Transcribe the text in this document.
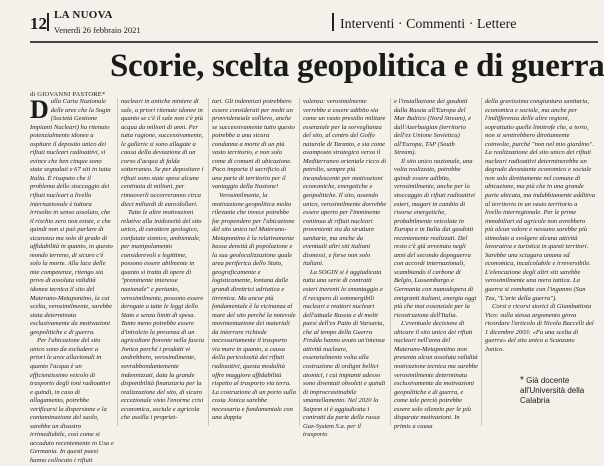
12 LA NUOVA
Venerdì 26 febbraio 2021	Interventi · Commenti · Lettere
Scorie, scelta geopolitica e di guerra
di GIOVANNI PASTORE*
D alla Carta Nazionale delle aree che la Sogin (Società Gestione Impianti Nucleari) ha ritenuto potenzialmente idonee a ospitare il deposito unico dei rifiuti nucleari radioattivi, si evince che ben cinque sono state segnalati e 67 siti in tutta Italia. È risaputo che il problema dello stoccaggio dei rifiuti nucleari a livello internazionale è tuttora irrisolto in senso assoluto, che il rischio zero non esiste, e che quindi non si può parlare di sicurezza ma solo di grado di affidabilità in quanto, in questo mondo terreno, di sicuro c'è solo la morte. Alla luce delle mie competenze, ritengo sia privo di assoluta validità idonea tecnica il sito del Materano-Metapontino, la cui scelta, verosimilmente, sarebbe stata determinata esclusivamente da motivazioni geopolitiche e di guerra.
Per l'ubicazione del sito unico sono da escludere a priori le aree alluvionali in quanto l'acqua è un efficientissimo veicolo di trasporto degli ioni radioattivi e quindi, in caso di allagamento, potrebbe verificarsi la dispersione e la contaminazione del suolo, sarebbe un disastro irrimediabile, così come si accaduto recentemente in Usa e Germania. In questi paesi hanno collocato i rifiuti
nucleari in antiche miniere di sale, a priori ritenute idonee in quanto se c'è il sale non c'è più acqua da milioni di anni. Per tutta ragione, successivamente, le gallerie si sono allagate a causa della deviazione di un corso d'acqua di falda sotterraneo. Se per depositare i rifiuti sono state spese alcune centinaia di milioni, per rimuoverli occorreranno circa dieci miliardi di euro/dollari.
Tutte le altre motivazioni relative alla inidoneità del sito unico, di carattere geologico, confutate sismico, ambientale, per manipolamento considerevoli e legittime, possono essere abilmente in quanto si tratta di opere di "preminente interesse nazionale" e pertanto, verosimilmente, possono essere derogate a tutte le leggi dello Stato e senza limiti di spesa. Tanto meno potrebbe essere d'intralcio la presenza di un agricoltore fiorente nella fascia Jonica perché i prodotti vi andrebbero, verosimilmente, sovrabbondantemente indennizzati, data la grande disponibilità finanziaria per la realizzazione del sito, di sicuro eccezionale visto l'enorme crisi economica, sociale e agricola che assilla i propriet-
tari. Gli indennizzi potrebbero essere considerati per molti un provvidenziale sollievo, anche se successivamente tutto questo potrebbe a una sicura condanna a morte di un più vasto territorio, e non solo come di comuni di ubicazione. Poco importa il sacrificio di una parte di territorio per il vantaggio della Nazione!
Verosimilmente, la motivazione geopolitica molto rilevante che invece potrebbe far propendere per l'ubicazione del sito unico nel Materano-Metapontino è la relativamente bassa densità di popolazione e la sua geolocalizzazione quale area periferica dello Stato, geograficamente e logisticamente, lontana dalle grandi direttrici adriatica e tirrenica. Ma ancor più fondamentale è la vicinanza al mare del sito perché la notevole movimentazione dei materiali da interrare richiede necessariamente il trasporto via mare in quanto, a causa della pericolosità dei rifiuti radioattivi, questa modalità offre maggiore affidabilità rispetto al trasporto via terra. La costruzione di un porto sulla costa Jonica sarebbe necessaria e fondamentale con una doppia
valenza: verosimilmente verrebbe a essere adibito sia come un vasto presidio militare essenziale per la sorveglianza del sito, al centro del Golfo naturale di Taranto, e sia come avamposto strategico verso il Mediterraneo orientale ricco di petrolio, sempre più incandescente per motivazioni economiche, energetiche e geopolitiche. Il sito, assendo unico, verosimilmente dovrebbe essere aperto per l'imminente continua di rifiuti nucleari provenienti sia da strutture sanitarie, ma anche da eventuali altri siti italiani dismessi, e forse non solo italiani.
La SOGIN si è aggiudicata tutta una serie di contratti esteri inerenti lo smontaggio e il recupero di sommergibili nucleari e reattori nucleari dell'attuale Russia e di molti paesi dell'ex Patto di Varsavia, che al tempo della Guerra Fredda hanno avuto un'intensa attività nucleare, essenzialmente volta alla costruzione di ordigni bellici atomici, i cui impianti adesso sono diventati obsoleti e quindi di improcrastinabile smantellamento. Nel 2020 la Saipem si è aggiudicata i contratti da parte della russa Gaz-System S.a. per il trasporto
e l'installazione dei gasdotti dalla Russia all'Europa del Mar Baltico (Nord Stream), e dall'Azerbaigian (territorio dell'ex Unione Sovietica) all'Europa, TAP (South Stream).
Il sito unico nazionale, una volta realizzato, potrebbe quindi essere adibito, verosimilmente, anche per lo stoccaggio di rifiuti radioattivi esteri, magari in cambio di risorse energetiche, probabilmente veicolate in Europa e in Italia dai gasdotti recentemente realizzati. Del resto c'è già avvenuto negli anni del secondo dopoguerra con accordi internazionali, scambiando il carbone di Belgio, Lussemburgo e Germania con manodopera di emigranti italiani, energia oggi più che mai essenziale per la ricostruzione dell'Italia.
L'eventuale decisione di ubicare il sito unico dei rifiuti nucleari nell'area del Materano-Metapontino non presenta alcun assoluta validità motivazione tecnica ma sarebbe verosimilmente determinata esclusivamente da motivazioni geopolitiche e di guerra, e come tale perciò potrebbe essere solo silenzio per le più disparate motivazioni. In primis a causa
della gravissima congiuntura sanitaria, economica e sociale, ma anche per l'indifferenza delle altre regioni, soprattutto quelle limitrofe che, a torto, non si sentirebbero direttamente coinvolte, purché "non nel mio giardino". La realizzazione del sito unico dei rifiuti nucleari radioattivi determinerebbe un degrado devastante economico e sociale non solo direttamente nel comune di ubicazione, ma più che in una grande parte ubicata, ma indubbiamente additiva al territorio in un vasto territorio a livello interregionale. Per le prime inmobiliari ed agricole non avrebbero più alcun valore e nessuno sarebbe più stimolato a svolgere alcuna attività lavorativa e turistica in questi territori. Sarebbe una sciagura umana ed economica, incalcolabile e irreversibile. L'elencazione degli altri siti sarebbe verosimilmente una mera tattica. La guerra si combatte con l'inganno (Sun Tzu, "L'arte della guerra").
Corsi e ricorsi storici di Giambattista Vico: sulla stessa argomento giova ricordare l'articolo di Nicola Baccelli del 1 dicembre 2003: «Fu una scelta di guerra» del sito unico a Scanzano Jonico.
* Già docente all'Università della Calabria
